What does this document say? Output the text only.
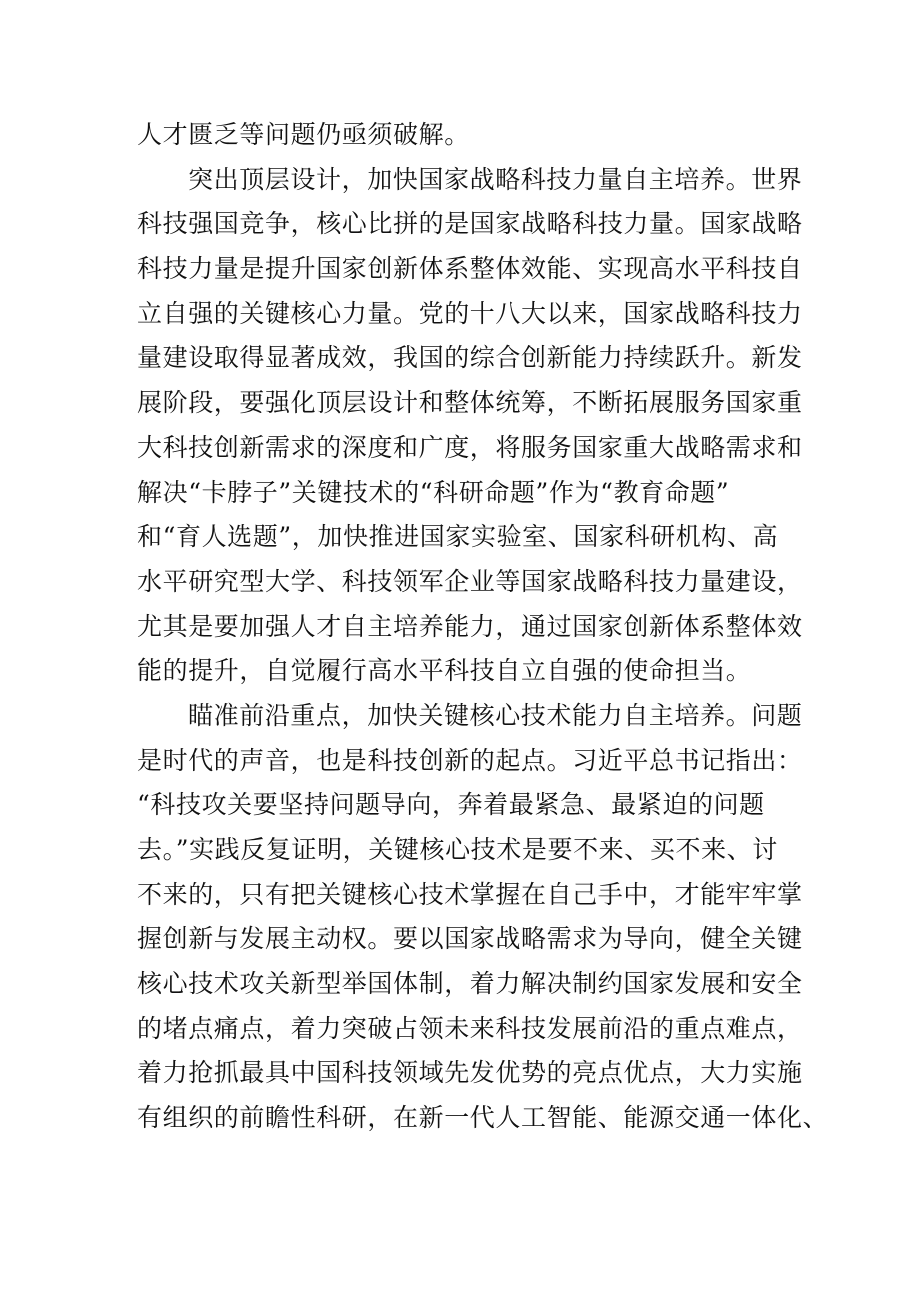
人才匮乏等问题仍亟须破解。
突出顶层设计，加快国家战略科技力量自主培养。世界
科技强国竞争，核心比拼的是国家战略科技力量。国家战略
科技力量是提升国家创新体系整体效能、实现高水平科技自
立自强的关键核心力量。党的十八大以来，国家战略科技力
量建设取得显著成效，我国的综合创新能力持续跃升。新发
展阶段，要强化顶层设计和整体统筹，不断拓展服务国家重
大科技创新需求的深度和广度，将服务国家重大战略需求和
解决“卡脖子”关键技术的“科研命题”作为“教育命题”
和“育人选题”，加快推进国家实验室、国家科研机构、高
水平研究型大学、科技领军企业等国家战略科技力量建设，
尤其是要加强人才自主培养能力，通过国家创新体系整体效
能的提升，自觉履行高水平科技自立自强的使命担当。
瞄准前沿重点，加快关键核心技术能力自主培养。问题
是时代的声音，也是科技创新的起点。习近平总书记指出：
“科技攻关要坚持问题导向，奔着最紧急、最紧迫的问题
去。”实践反复证明，关键核心技术是要不来、买不来、讨
不来的，只有把关键核心技术掌握在自己手中，才能牢牢掌
握创新与发展主动权。要以国家战略需求为导向，健全关键
核心技术攻关新型举国体制，着力解决制约国家发展和安全
的堵点痛点，着力突破占领未来科技发展前沿的重点难点，
着力抢抓最具中国科技领域先发优势的亮点优点，大力实施
有组织的前瞻性科研，在新一代人工智能、能源交通一体化、
